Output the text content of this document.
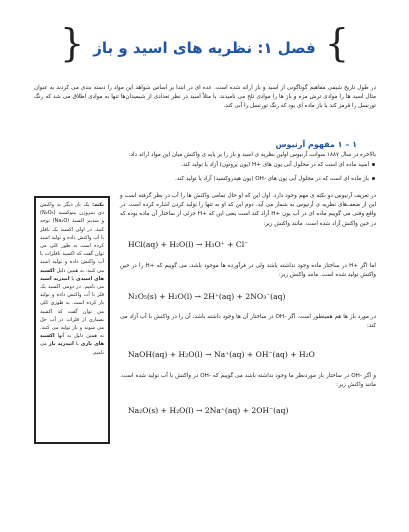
{ فصل ۱: نظریه های اسید و باز }
در طول تاریخ شیمی مفاهیم گوناگونی از اسید و باز ارائه شده است. عده ای در ابتدا بر اساس شواهد این مواد را دسته بندی می کردند به عنوان مثال اسید ها را موادی ترش مزه و باز ها را موادی تلخ می نامیدند. یا مثلاً اسید در نظر تعدادی از شیمیدان‌ها تنها به موادی اطلاق می شد که رنگ تورنسل را قرمز کند یا باز ماده ای بود که رنگ تورنسل را آبی کند.
۱ – ۱ مفهوم آرنیوس
بالاخره در سال ۱۸۸۷ سوانت آرنیوس اولین نظریه ی اسید و باز را بر پایه ی واکنش میان این مواد ارائه داد:
اسید ماده ای است که در محلول آبی یون های +H (یون پروتون) آزاد یا تولید کند.
باز ماده ای است که در محلول آبی یون های -OH (یون هیدروکسید) آزاد یا تولید کند.
در تعریف آرنیوس دو نکته ی مهم وجود دارد. اول این که او حال تمامی واکنش ها را آب در نظر گرفته است و این از ضعف‌های نظریه ی آرنیوس به شمار می آید. دوم این که او نه تنها را تولید کردن اشاره کرده است. در واقع وقتی می گوییم ماده ای در آب یون +H آزاد کند است یعنی این که +H جزئی از ساختار آن ماده بوده که در حین واکنش آزاد شده است. مانند واکنش زیر:
HCl(aq) + H₂O(l) → H₃O⁺ + Cl⁻
اما اگر +H در ساختار ماده وجود نداشته باشد ولی در فرآورده ها موجود باشد، می گوییم که +H را در حین واکنش تولید شده است. مانند واکنش زیر:
N₂O₅(s) + H₂O(l) → 2H⁺(aq) + 2NO₃⁻(aq)
در مورد باز ها هم همینطور است. اگر -OH در ساختار آن ها وجود داشته باشد، آن را در واکنش با آب آزاد می کند:
NaOH(aq) + H₂O(l) → Na⁺(aq) + OH⁻(aq) + H₂O
و اگر -OH در ساختار باز موردنظر ما وجود نداشته باشد می گوییم که -OH در واکنش با آب تولید شده است. مانند واکنش زیر:
Na₂O(s) + H₂O(l) → 2Na⁺(aq) + 2OH⁻(aq)
نکته: یک بار دیگر به واکنش دی نیتروژن پنتوکسید (N₂O₅) و سدیم اکسید (Na₂O) توجه کنید. در اولی اکسید یک نافلز با آب واکنش داده و تولید اسید کرده است به طور کلی می توان گفت که اکسید نافلزات با آب واکنش داده و تولید اسید می کنند. به همین دلیل اکسید های اسیدی یا انیدرید اسید می نامیم. در دومی اکسید یک فلز با آب واکنش داده و تولید باز کرده است. به طوری کلی می توان گفت که اکسید بسیاری از فلزات در آب حل می شوند و باز تولید می کنند. به همین دلیل به آنها اکسید های بازی یا انیدرید باز می نامیم.
